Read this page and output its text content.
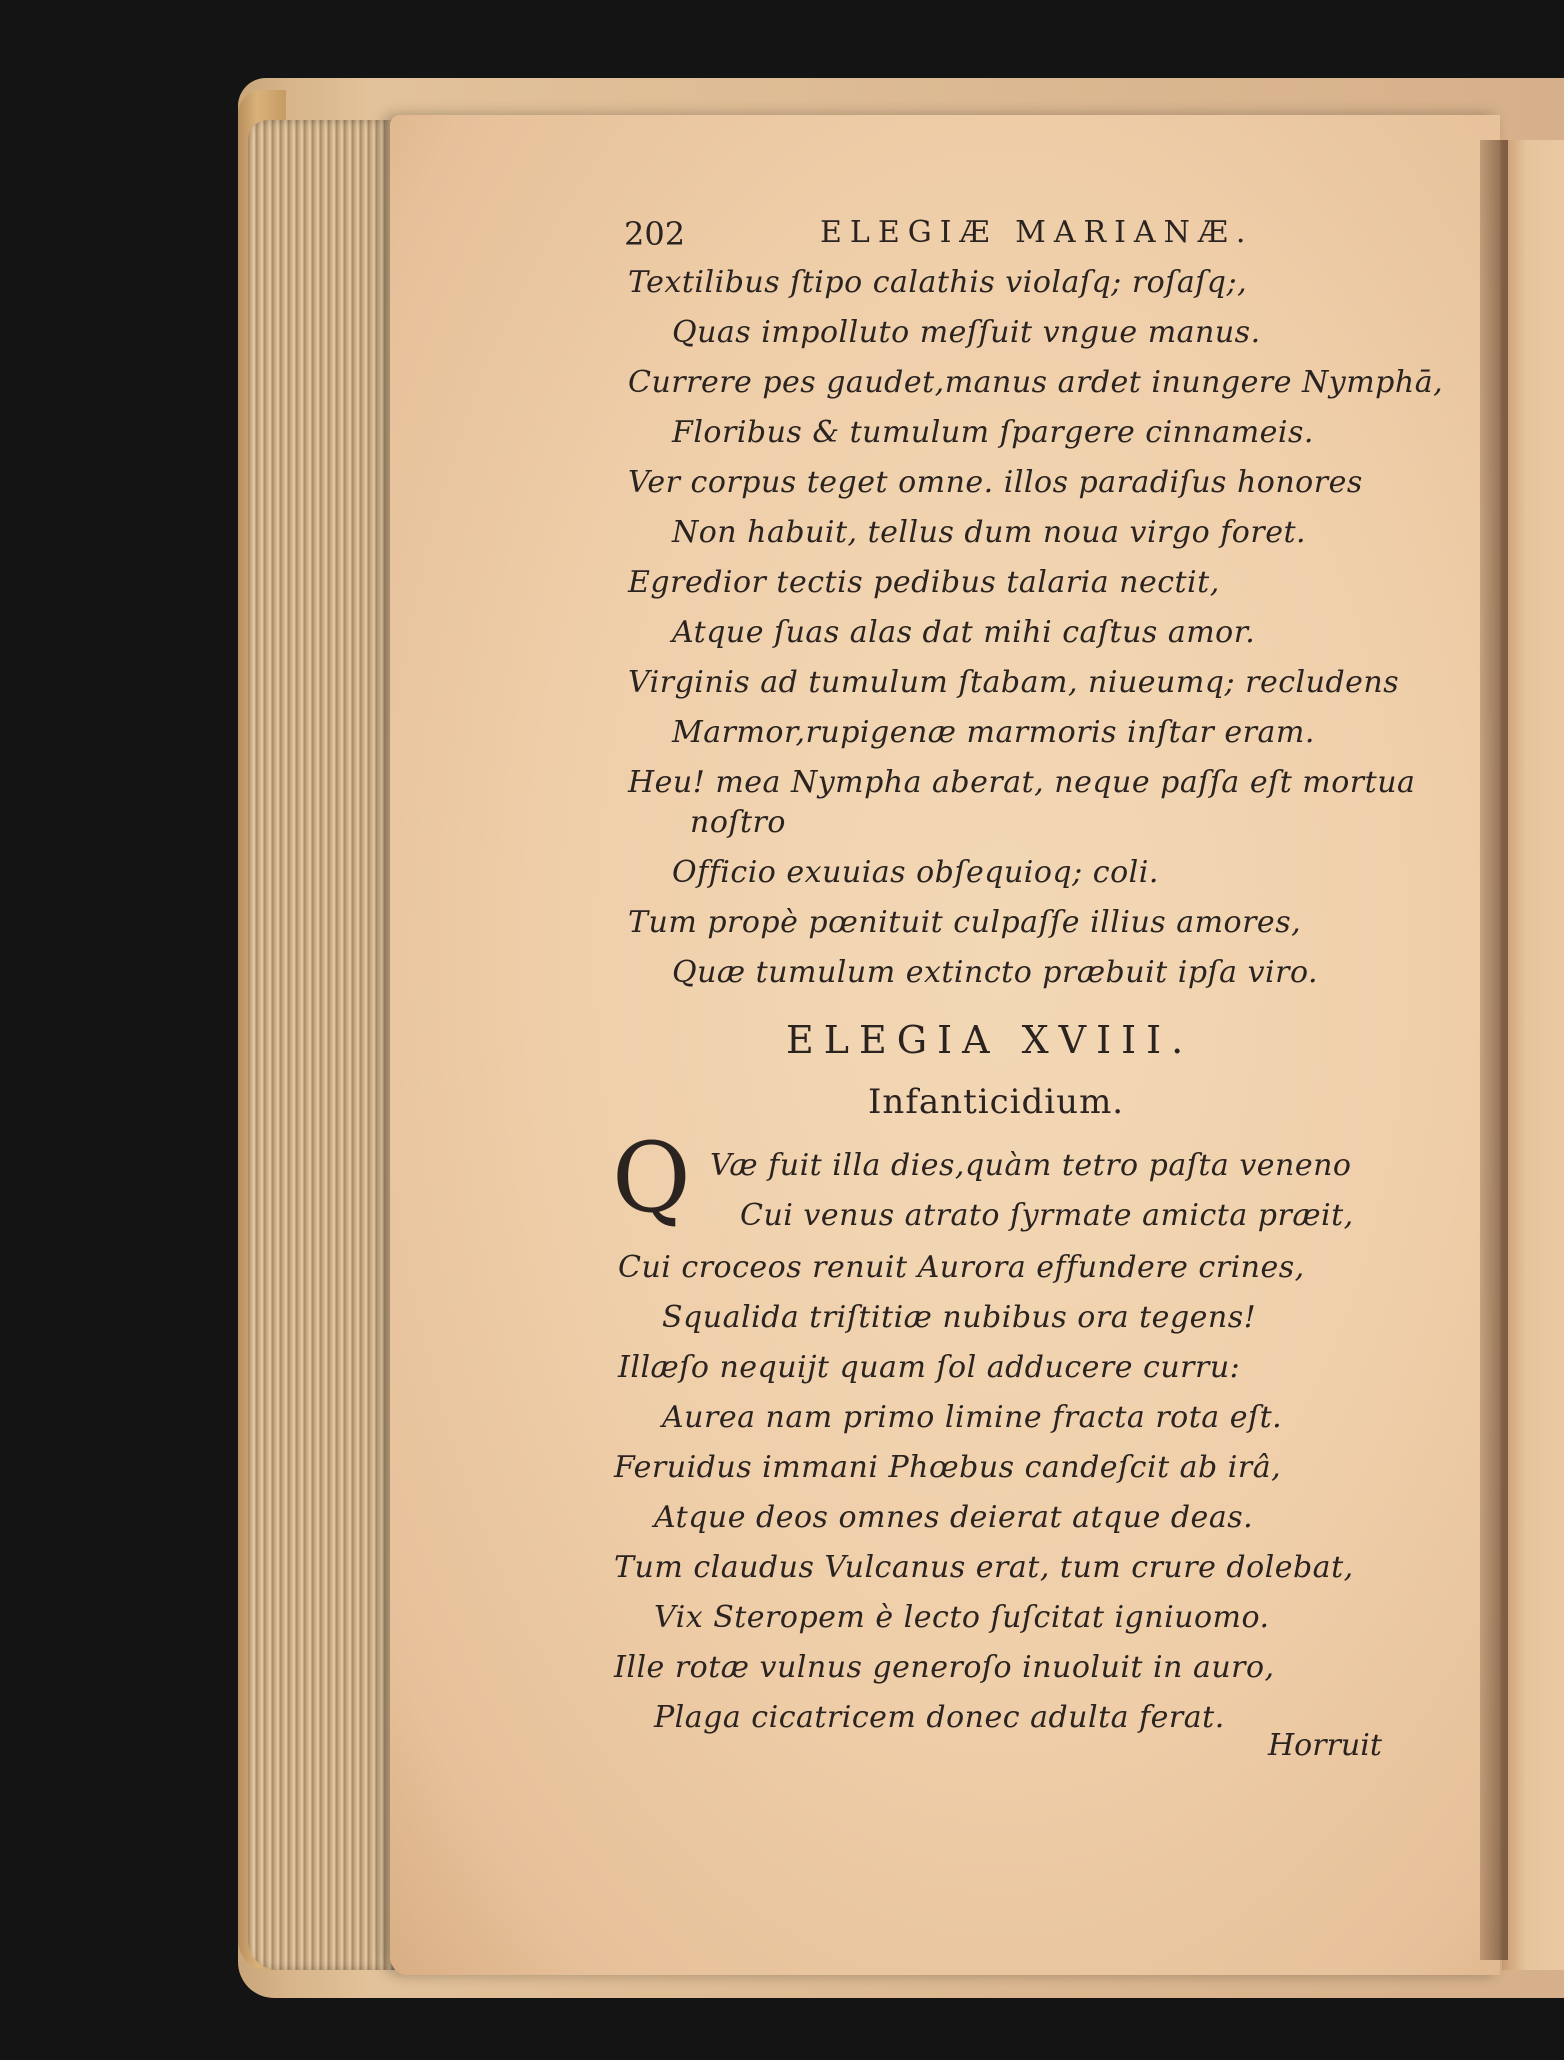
202	ELEGIÆ MARIANÆ.
Textilibus ſtipo calathis violaſq; roſaſq;,
Quas impolluto meſſuit vngue manus.
Currere pes gaudet,manus ardet inungere Nymphā,
Floribus & tumulum ſpargere cinnameis.
Ver corpus teget omne. illos paradiſus honores
Non habuit, tellus dum noua virgo foret.
Egredior tectis pedibus talaria nectit,
Atque ſuas alas dat mihi caſtus amor.
Virginis ad tumulum ſtabam, niueumq; recludens
Marmor,rupigenæ marmoris inſtar eram.
Heu! mea Nympha aberat, neque paſſa eſt mortua
noſtro
Officio exuuias obſequioq; coli.
Tum propè pœnituit culpaſſe illius amores,
Quæ tumulum extincto præbuit ipſa viro.
ELEGIA XVIII.
Infanticidium.
Q Væ fuit illa dies,quàm tetro paſta veneno
Cui venus atrato ſyrmate amicta præit,
Cui croceos renuit Aurora effundere crines,
Squalida triſtitiæ nubibus ora tegens!
Illæſo nequijt quam ſol adducere curru:
Aurea nam primo limine fracta rota eſt.
Feruidus immani Phœbus candeſcit ab irâ,
Atque deos omnes deierat atque deas.
Tum claudus Vulcanus erat, tum crure dolebat,
Vix Steropem è lecto ſuſcitat igniuomo.
Ille rotæ vulnus generoſo inuoluit in auro,
Plaga cicatricem donec adulta ferat.
Horruit
